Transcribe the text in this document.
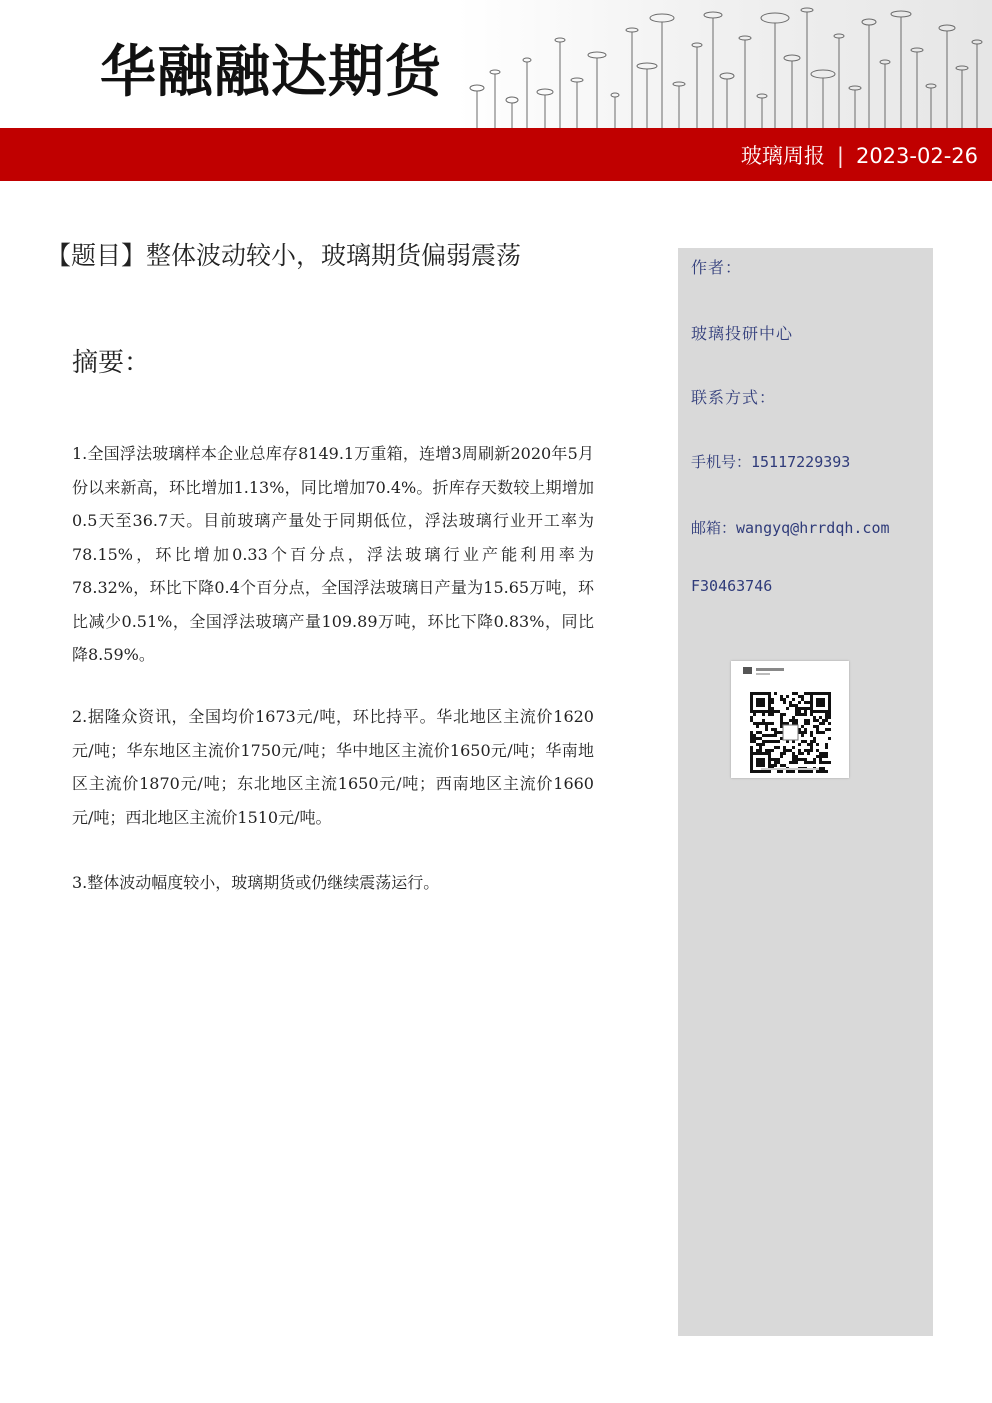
华融融达期货
玻璃周报 | 2023-02-26
【题目】整体波动较小，玻璃期货偏弱震荡
摘要：

1.全国浮法玻璃样本企业总库存8149.1万重箱，连增3周刷新2020年5月份以来新高，环比增加1.13%，同比增加70.4%。折库存天数较上期增加0.5天至36.7天。目前玻璃产量处于同期低位，浮法玻璃行业开工率为78.15%，环比增加0.33个百分点，浮法玻璃行业产能利用率为78.32%，环比下降0.4个百分点，全国浮法玻璃日产量为15.65万吨，环比减少0.51%，全国浮法玻璃产量109.89万吨，环比下降0.83%，同比降8.59%。

2.据隆众资讯，全国均价1673元/吨，环比持平。华北地区主流价1620元/吨；华东地区主流价1750元/吨；华中地区主流价1650元/吨；华南地区主流价1870元/吨；东北地区主流1650元/吨；西南地区主流价1660元/吨；西北地区主流价1510元/吨。

3.整体波动幅度较小，玻璃期货或仍继续震荡运行。

作者：

玻璃投研中心

联系方式：

手机号：15117229393

邮箱：wangyq@hrrdqh.com

F30463746
